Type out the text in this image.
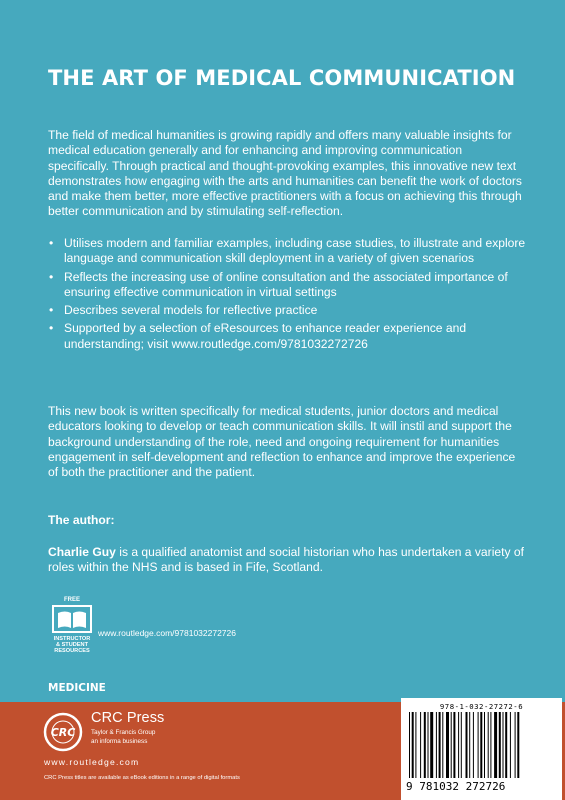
THE ART OF MEDICAL COMMUNICATION

The field of medical humanities is growing rapidly and offers many valuable insights for medical education generally and for enhancing and improving communication specifically. Through practical and thought-provoking examples, this innovative new text demonstrates how engaging with the arts and humanities can benefit the work of doctors and make them better, more effective practitioners with a focus on achieving this through better communication and by stimulating self-reflection.

• Utilises modern and familiar examples, including case studies, to illustrate and explore language and communication skill deployment in a variety of given scenarios
• Reflects the increasing use of online consultation and the associated importance of ensuring effective communication in virtual settings
• Describes several models for reflective practice
• Supported by a selection of eResources to enhance reader experience and understanding; visit www.routledge.com/9781032272726

This new book is written specifically for medical students, junior doctors and medical educators looking to develop or teach communication skills. It will instil and support the background understanding of the role, need and ongoing requirement for humanities engagement in self-development and reflection to enhance and improve the experience of both the practitioner and the patient.

The author:

Charlie Guy is a qualified anatomist and social historian who has undertaken a variety of roles within the NHS and is based in Fife, Scotland.

FREE
INSTRUCTOR
& STUDENT
RESOURCES

www.routledge.com/9781032272726

MEDICINE

CRC

CRC Press

Taylor & Francis Group

an informa business

www.routledge.com

CRC Press titles are available as eBook editions in a range of digital formats

978-1-032-27272-6

9 781032 272726
